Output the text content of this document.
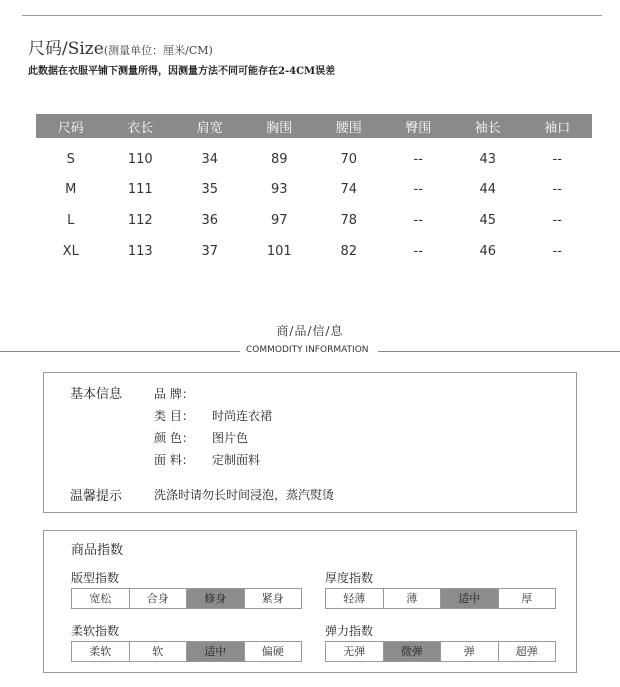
尺码/Size(测量单位：厘米/CM)
此数据在衣服平铺下测量所得，因测量方法不同可能存在2-4CM误差
尺码	衣长	肩宽	胸围	腰围	臀围	袖长	袖口
S	110	34	89	70	--	43	--
M	111	35	93	74	--	44	--
L	112	36	97	78	--	45	--
XL	113	37	101	82	--	46	--
商/品/信/息
COMMODITY INFORMATION
基本信息	品 牌：
类 目： 时尚连衣裙
颜 色： 图片色
面 料： 定制面料
温馨提示	洗涤时请勿长时间浸泡，蒸汽熨烫
商品指数
版型指数
宽松	合身	修身	紧身
厚度指数
轻薄	薄	适中	厚
柔软指数
柔软	软	适中	偏硬
弹力指数
无弹	微弹	弹	超弹
